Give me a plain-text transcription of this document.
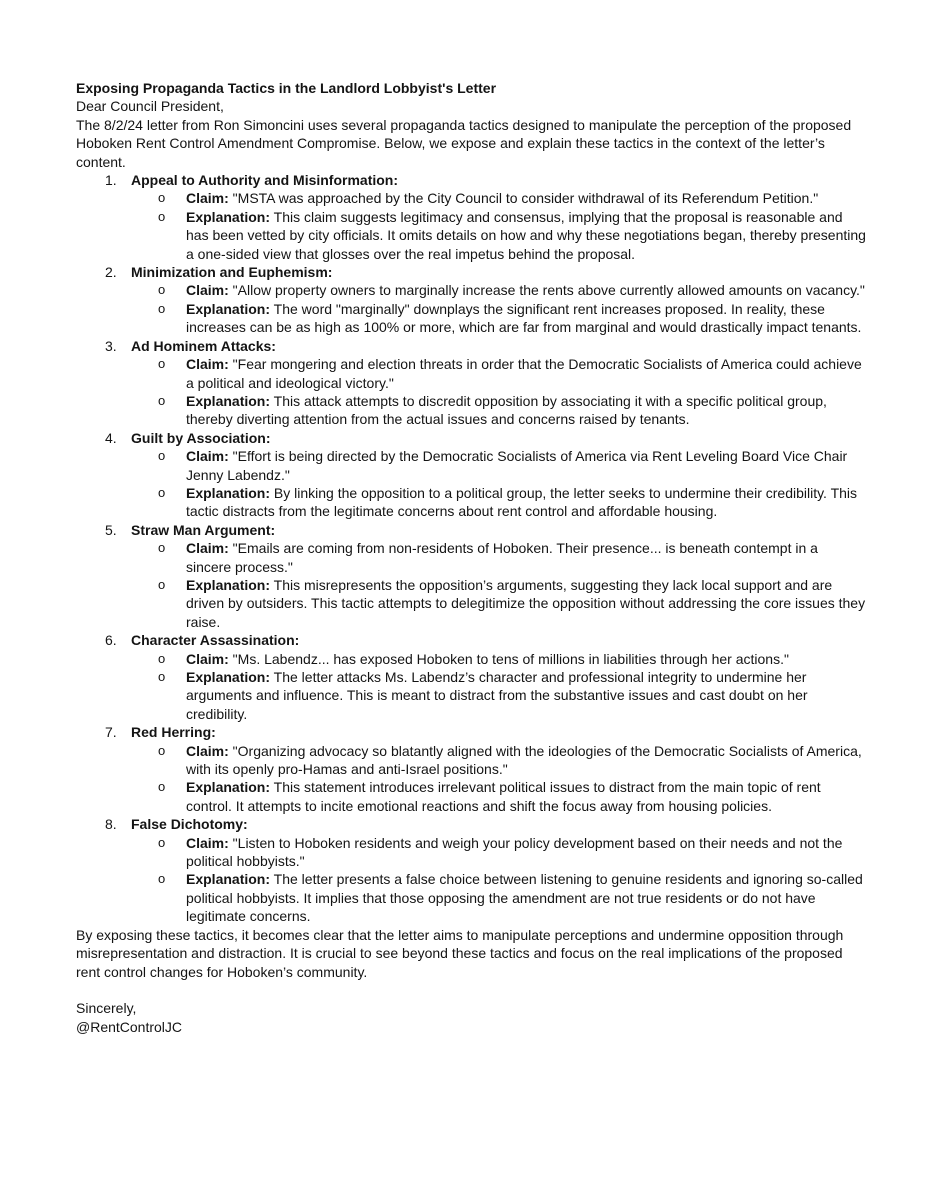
Exposing Propaganda Tactics in the Landlord Lobbyist's Letter

Dear Council President,

The 8/2/24 letter from Ron Simoncini uses several propaganda tactics designed to manipulate the perception of the proposed Hoboken Rent Control Amendment Compromise. Below, we expose and explain these tactics in the context of the letter’s content.

1. Appeal to Authority and Misinformation:
o Claim: "MSTA was approached by the City Council to consider withdrawal of its Referendum Petition."
o Explanation: This claim suggests legitimacy and consensus, implying that the proposal is reasonable and has been vetted by city officials. It omits details on how and why these negotiations began, thereby presenting a one-sided view that glosses over the real impetus behind the proposal.
2. Minimization and Euphemism:
o Claim: "Allow property owners to marginally increase the rents above currently allowed amounts on vacancy."
o Explanation: The word "marginally" downplays the significant rent increases proposed. In reality, these increases can be as high as 100% or more, which are far from marginal and would drastically impact tenants.
3. Ad Hominem Attacks:
o Claim: "Fear mongering and election threats in order that the Democratic Socialists of America could achieve a political and ideological victory."
o Explanation: This attack attempts to discredit opposition by associating it with a specific political group, thereby diverting attention from the actual issues and concerns raised by tenants.
4. Guilt by Association:
o Claim: "Effort is being directed by the Democratic Socialists of America via Rent Leveling Board Vice Chair Jenny Labendz."
o Explanation: By linking the opposition to a political group, the letter seeks to undermine their credibility. This tactic distracts from the legitimate concerns about rent control and affordable housing.
5. Straw Man Argument:
o Claim: "Emails are coming from non-residents of Hoboken. Their presence... is beneath contempt in a sincere process."
o Explanation: This misrepresents the opposition’s arguments, suggesting they lack local support and are driven by outsiders. This tactic attempts to delegitimize the opposition without addressing the core issues they raise.
6. Character Assassination:
o Claim: "Ms. Labendz... has exposed Hoboken to tens of millions in liabilities through her actions."
o Explanation: The letter attacks Ms. Labendz’s character and professional integrity to undermine her arguments and influence. This is meant to distract from the substantive issues and cast doubt on her credibility.
7. Red Herring:
o Claim: "Organizing advocacy so blatantly aligned with the ideologies of the Democratic Socialists of America, with its openly pro-Hamas and anti-Israel positions."
o Explanation: This statement introduces irrelevant political issues to distract from the main topic of rent control. It attempts to incite emotional reactions and shift the focus away from housing policies.
8. False Dichotomy:
o Claim: "Listen to Hoboken residents and weigh your policy development based on their needs and not the political hobbyists."
o Explanation: The letter presents a false choice between listening to genuine residents and ignoring so-called political hobbyists. It implies that those opposing the amendment are not true residents or do not have legitimate concerns.

By exposing these tactics, it becomes clear that the letter aims to manipulate perceptions and undermine opposition through misrepresentation and distraction. It is crucial to see beyond these tactics and focus on the real implications of the proposed rent control changes for Hoboken’s community.

Sincerely,

@RentControlJC
